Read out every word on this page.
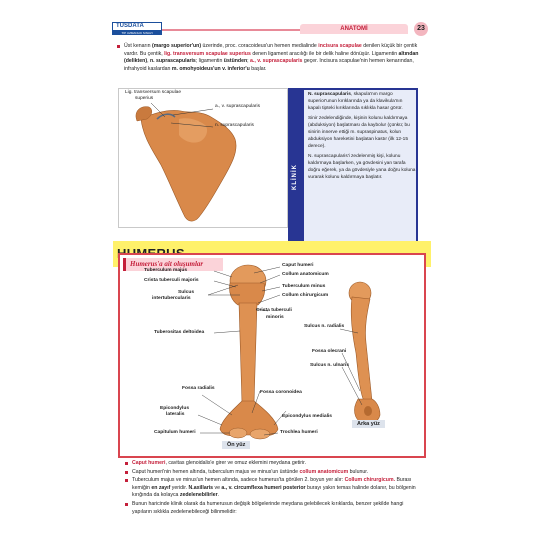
TUSDATA
TIP UZMANLIK SINAVI
ANATOMİ	23
Üst kenarın (margo superior'un) üzerinde, proc. coracoideus'un hemen medialinde incisura scapulae denilen küçük bir çentik vardır. Bu çentik, lig. transversum scapulae superius denen ligament aracılığı ile bir delik haline dönüşür. Ligamentin altından (delikten), n. suprascapularis; ligamentin üstünden; a., v. suprascapularis geçer. Incisura scapulae'nin hemen kenarından, infrahyoid kaslardan m. omohyoideus'un v. inferior'u başlar.
Lig. transversum scapulae
superius
a., v. suprascapularis
n. suprascapularis
KLİNİK

N. suprascapularis, skapula'nın margo superior'unun kırıklarında ya da klavikula'nın kapalı tipteki kırıklarında sıklıkla hasar görür.

Sinir zedelendiğinde, kişinin kolunu kaldırmaya (abduksiyon) başlatması da kaybolur (çünkü; bu sinirin innerve ettiği m. supraspinatus, kolun abduksiyon hareketini başlatan kastır (ilk 12-15 derece).

N. suprascapularis'i zedelenmiş kişi, kolunu kaldırmaya başlarken, ya gövdesini yan tarafa doğru eğerek, ya da gövdesiyle yana doğru koluna vurarak kolunu kaldırmaya başlatır.

Humerus'a ait oluşumlar
Tuberculum majus
Crista tuberculi majoris
Sulcus
intertubercularis
Tuberositas deltoidea
Fossa radialis
Epicondylus
lateralis
Capitulum humeri
Caput humeri
Collum anatomicum
Tuberculum minus
Collum chirurgicum
Crista tuberculi
minoris
Fossa coronoidea
Epicondylus medialis
Trochlea humeri
Sulcus n. radialis
Fossa olecrani
Sulcus n. ulnaris
Ön yüz
Arka yüz
Caput humeri, cavitas glenoidalis'e girer ve omuz eklemini meydana getirir.
Caput humeri'nin hemen altında, tuberculum majus ve minus'un üstünde collum anatomicum bulunur.
Tuberculum majus ve minus'un hemen altında, sadece humerus'ta görülen 2. boyun yer alır: Collum chirurgicum. Burası kemiğin en zayıf yeridir. N.axillaris ve a., v. circumflexa humeri posterior burayı yakın temas halinde dolanır, bu bölgenin kırığında da kolayca zedelenebilirler.
Bunun haricinde klinik olarak da humerusun değişik bölgelerinde meydana gelebilecek kırıklarda, benzer şekilde hangi yapıların sıklıkla zedelenebileceği bilinmelidir:
